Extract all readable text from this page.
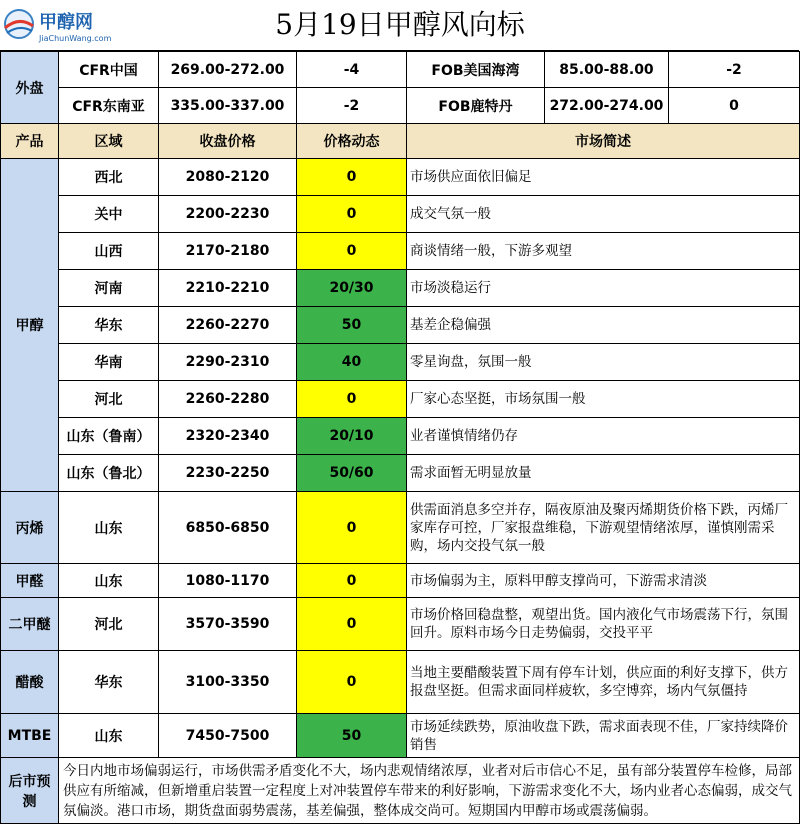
甲醇网
JiaChunWang.com	5月19日甲醇风向标
外盘	CFR中国	269.00-272.00	-4	FOB美国海湾	85.00-88.00	-2
	CFR东南亚	335.00-337.00	-2	FOB鹿特丹	272.00-274.00	0
产品	区域	收盘价格	价格动态	市场简述		
甲醇	西北	2080-2120	0	市场供应面依旧偏足		
	关中	2200-2230	0	成交气氛一般		
	山西	2170-2180	0	商谈情绪一般，下游多观望		
	河南	2210-2210	20/30	市场淡稳运行		
	华东	2260-2270	50	基差企稳偏强		
	华南	2290-2310	40	零星询盘，氛围一般		
	河北	2260-2280	0	厂家心态坚挺，市场氛围一般		
	山东（鲁南）	2320-2340	20/10	业者谨慎情绪仍存		
	山东（鲁北）	2230-2250	50/60	需求面暂无明显放量		
丙烯	山东	6850-6850	0	供需面消息多空并存，隔夜原油及聚丙烯期货价格下跌，丙烯厂家库存可控，厂家报盘维稳，下游观望情绪浓厚，谨慎刚需采购，场内交投气氛一般		
甲醛	山东	1080-1170	0	市场偏弱为主，原料甲醇支撑尚可，下游需求清淡		
二甲醚	河北	3570-3590	0	市场价格回稳盘整，观望出货。国内液化气市场震荡下行，氛围回升。原料市场今日走势偏弱，交投平平		
醋酸	华东	3100-3350	0	当地主要醋酸装置下周有停车计划，供应面的利好支撑下，供方报盘坚挺。但需求面同样疲软，多空博弈，场内气氛僵持		
MTBE	山东	7450-7500	50	市场延续跌势，原油收盘下跌，需求面表现不佳，厂家持续降价销售		
后市预测	今日内地市场偏弱运行，市场供需矛盾变化不大，场内悲观情绪浓厚，业者对后市信心不足，虽有部分装置停车检修，局部供应有所缩减，但新增重启装置一定程度上对冲装置停车带来的利好影响，下游需求变化不大，场内业者心态偏弱，成交气氛偏淡。港口市场，期货盘面弱势震荡，基差偏强，整体成交尚可。短期国内甲醇市场或震荡偏弱。					
